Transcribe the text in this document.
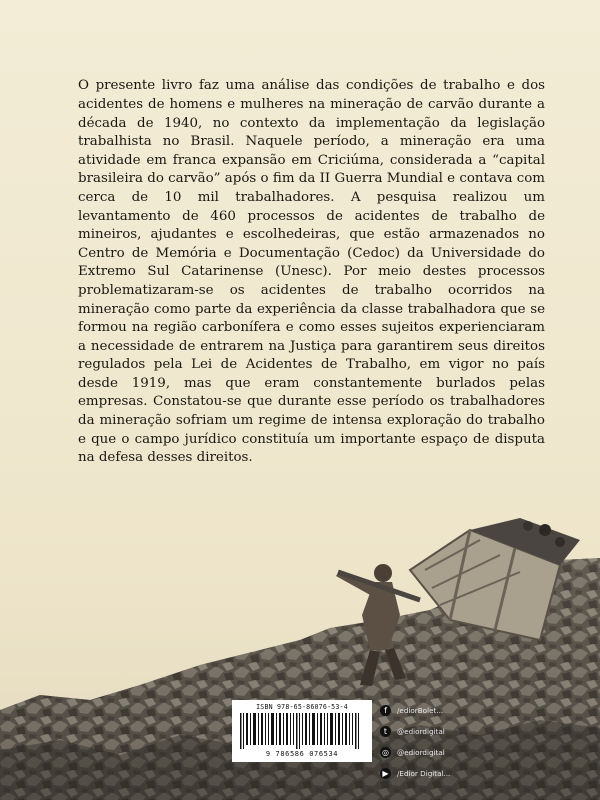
O presente livro faz uma análise das condições de trabalho e dos acidentes de homens e mulheres na mineração de carvão durante a década de 1940, no contexto da implementação da legislação trabalhista no Brasil. Naquele período, a mineração era uma atividade em franca expansão em Criciúma, considerada a “capital brasileira do carvão” após o fim da II Guerra Mundial e contava com cerca de 10 mil trabalhadores. A pesquisa realizou um levantamento de 460 processos de acidentes de trabalho de mineiros, ajudantes e escolhedeiras, que estão armazenados no Centro de Memória e Documentação (Cedoc) da Universidade do Extremo Sul Catarinense (Unesc). Por meio destes processos problematizaram-se os acidentes de trabalho ocorridos na mineração como parte da experiência da classe trabalhadora que se formou na região carbonífera e como esses sujeitos experienciaram a necessidade de entrarem na Justiça para garantirem seus direitos regulados pela Lei de Acidentes de Trabalho, em vigor no país desde 1919, mas que eram constantemente burlados pelas empresas. Constatou-se que durante esse período os trabalhadores da mineração sofriam um regime de intensa exploração do trabalho e que o campo jurídico constituía um importante espaço de disputa na defesa desses direitos.

ISBN 978-65-86076-53-4
9 786586 076534
f	/ediorBolet...
t	@ediordigital
◎ @ediordigital
▶	/Edior Digital...
